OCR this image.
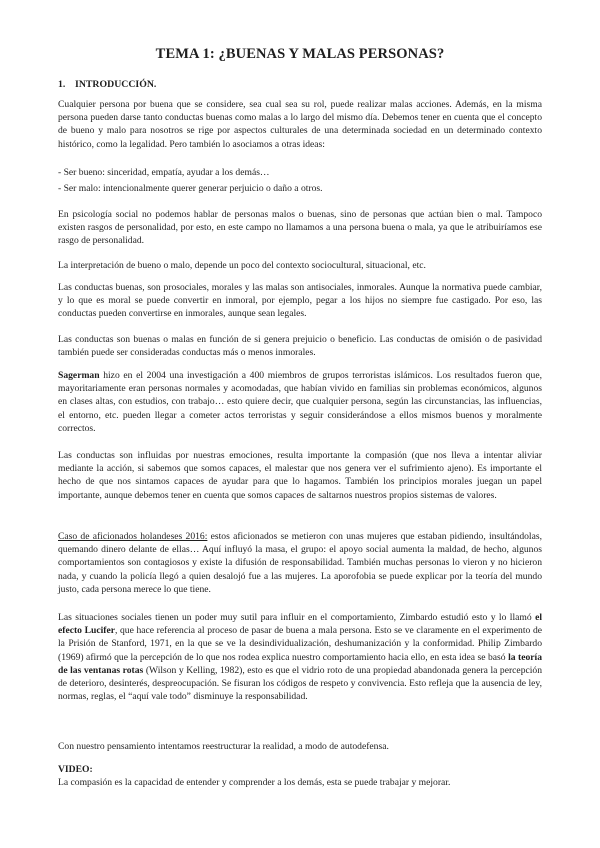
TEMA 1: ¿BUENAS Y MALAS PERSONAS?
1. INTRODUCCIÓN.

Cualquier persona por buena que se considere, sea cual sea su rol, puede realizar malas acciones. Además, en la misma persona pueden darse tanto conductas buenas como malas a lo largo del mismo día. Debemos tener en cuenta que el concepto de bueno y malo para nosotros se rige por aspectos culturales de una determinada sociedad en un determinado contexto histórico, como la legalidad. Pero también lo asociamos a otras ideas:

- Ser bueno: sinceridad, empatía, ayudar a los demás…
- Ser malo: intencionalmente querer generar perjuicio o daño a otros.

En psicología social no podemos hablar de personas malos o buenas, sino de personas que actúan bien o mal. Tampoco existen rasgos de personalidad, por esto, en este campo no llamamos a una persona buena o mala, ya que le atribuiríamos ese rasgo de personalidad.

La interpretación de bueno o malo, depende un poco del contexto sociocultural, situacional, etc.

Las conductas buenas, son prosociales, morales y las malas son antisociales, inmorales. Aunque la normativa puede cambiar, y lo que es moral se puede convertir en inmoral, por ejemplo, pegar a los hijos no siempre fue castigado. Por eso, las conductas pueden convertirse en inmorales, aunque sean legales.

Las conductas son buenas o malas en función de si genera prejuicio o beneficio. Las conductas de omisión o de pasividad también puede ser consideradas conductas más o menos inmorales.

Sagerman hizo en el 2004 una investigación a 400 miembros de grupos terroristas islámicos. Los resultados fueron que, mayoritariamente eran personas normales y acomodadas, que habían vivido en familias sin problemas económicos, algunos en clases altas, con estudios, con trabajo… esto quiere decir, que cualquier persona, según las circunstancias, las influencias, el entorno, etc. pueden llegar a cometer actos terroristas y seguir considerándose a ellos mismos buenos y moralmente correctos.

Las conductas son influidas por nuestras emociones, resulta importante la compasión (que nos lleva a intentar aliviar mediante la acción, si sabemos que somos capaces, el malestar que nos genera ver el sufrimiento ajeno). Es importante el hecho de que nos sintamos capaces de ayudar para que lo hagamos. También los principios morales juegan un papel importante, aunque debemos tener en cuenta que somos capaces de saltarnos nuestros propios sistemas de valores.

Caso de aficionados holandeses 2016: estos aficionados se metieron con unas mujeres que estaban pidiendo, insultándolas, quemando dinero delante de ellas… Aquí influyó la masa, el grupo: el apoyo social aumenta la maldad, de hecho, algunos comportamientos son contagiosos y existe la difusión de responsabilidad. También muchas personas lo vieron y no hicieron nada, y cuando la policía llegó a quien desalojó fue a las mujeres. La aporofobia se puede explicar por la teoría del mundo justo, cada persona merece lo que tiene.

Las situaciones sociales tienen un poder muy sutil para influir en el comportamiento, Zimbardo estudió esto y lo llamó el efecto Lucifer, que hace referencia al proceso de pasar de buena a mala persona. Esto se ve claramente en el experimento de la Prisión de Stanford, 1971, en la que se ve la desindividualización, deshumanización y la conformidad. Philip Zimbardo (1969) afirmó que la percepción de lo que nos rodea explica nuestro comportamiento hacia ello, en esta idea se basó la teoría de las ventanas rotas (Wilson y Kelling, 1982), esto es que el vidrio roto de una propiedad abandonada genera la percepción de deterioro, desinterés, despreocupación. Se fisuran los códigos de respeto y convivencia. Esto refleja que la ausencia de ley, normas, reglas, el “aquí vale todo” disminuye la responsabilidad.

Con nuestro pensamiento intentamos reestructurar la realidad, a modo de autodefensa.

VIDEO:
La compasión es la capacidad de entender y comprender a los demás, esta se puede trabajar y mejorar.
